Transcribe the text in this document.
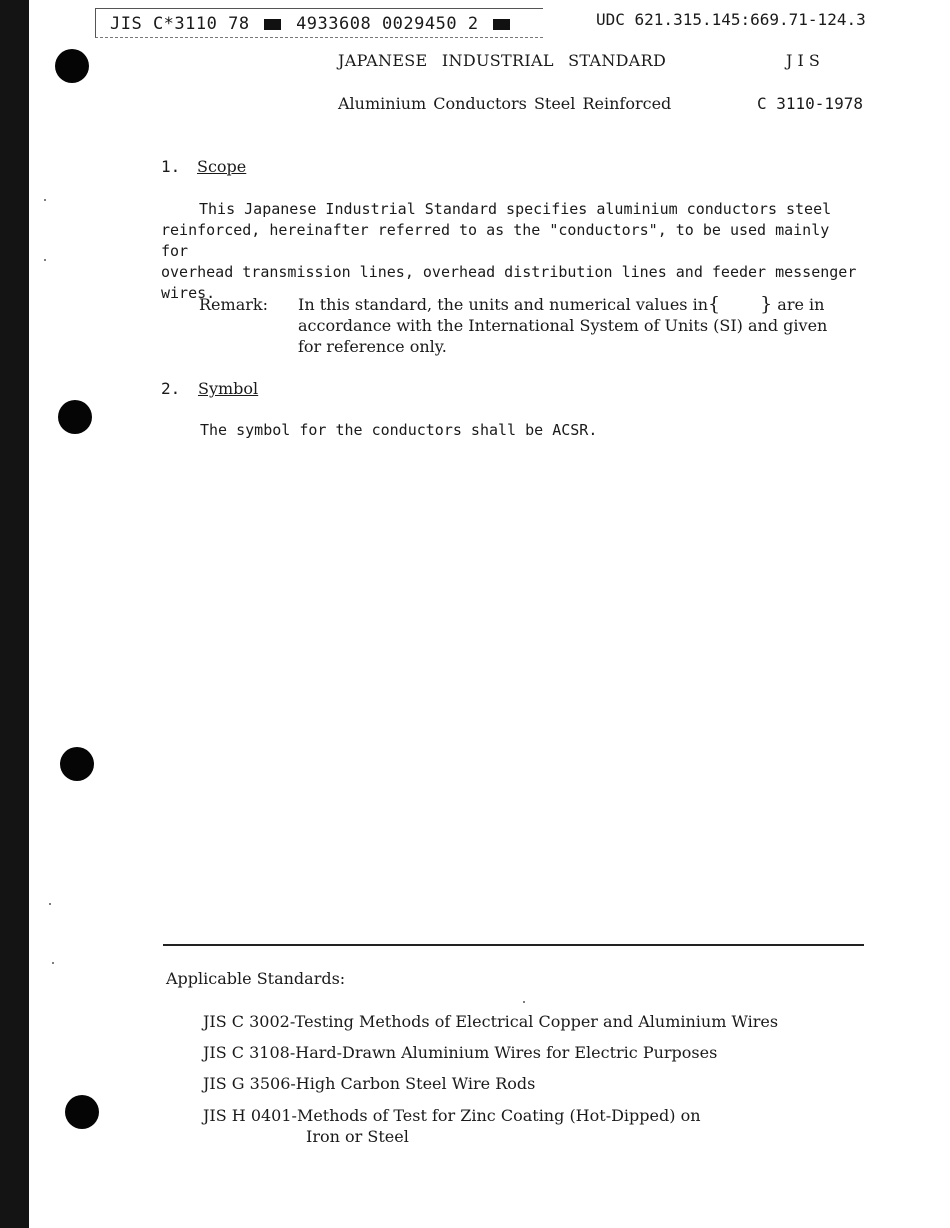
JIS C*3110 78	4933608 0029450 2	UDC 621.315.145:669.71-124.3
JAPANESE INDUSTRIAL STANDARD	J I S
Aluminium Conductors Steel Reinforced	C 3110-1978
1. Scope
This Japanese Industrial Standard specifies aluminium conductors steel
reinforced, hereinafter referred to as the "conductors", to be used mainly for
overhead transmission lines, overhead distribution lines and feeder messenger
wires.
Remark: In this standard, the units and numerical values in{ } are in
accordance with the International System of Units (SI) and given
for reference only.
2. Symbol
The symbol for the conductors shall be ACSR.
Applicable Standards:
JIS C 3002-Testing Methods of Electrical Copper and Aluminium Wires
JIS C 3108-Hard-Drawn Aluminium Wires for Electric Purposes
JIS G 3506-High Carbon Steel Wire Rods
JIS H 0401-Methods of Test for Zinc Coating (Hot-Dipped) on
Iron or Steel
